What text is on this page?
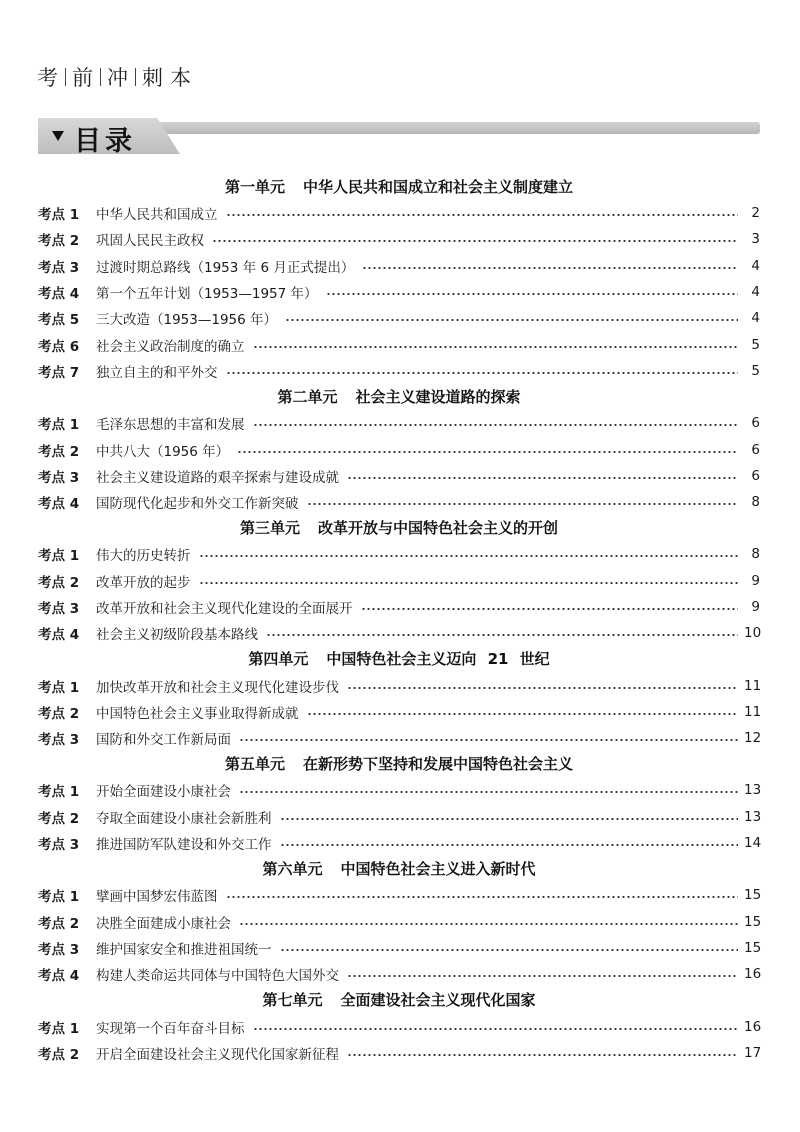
考 前 冲 刺 本
目录
第一单元 中华人民共和国成立和社会主义制度建立
考点 1	中华人民共和国成立	2
考点 2	巩固人民民主政权	3
考点 3	过渡时期总路线（1953 年 6 月正式提出）	4
考点 4	第一个五年计划（1953—1957 年）	4
考点 5	三大改造（1953—1956 年）	4
考点 6	社会主义政治制度的确立	5
考点 7	独立自主的和平外交	5
第二单元 社会主义建设道路的探索
考点 1	毛泽东思想的丰富和发展	6
考点 2	中共八大（1956 年）	6
考点 3	社会主义建设道路的艰辛探索与建设成就	6
考点 4	国防现代化起步和外交工作新突破	8
第三单元 改革开放与中国特色社会主义的开创
考点 1	伟大的历史转折	8
考点 2	改革开放的起步	9
考点 3	改革开放和社会主义现代化建设的全面展开	9
考点 4	社会主义初级阶段基本路线	10
第四单元 中国特色社会主义迈向 21 世纪
考点 1	加快改革开放和社会主义现代化建设步伐	11
考点 2	中国特色社会主义事业取得新成就	11
考点 3	国防和外交工作新局面	12
第五单元 在新形势下坚持和发展中国特色社会主义
考点 1	开始全面建设小康社会	13
考点 2	夺取全面建设小康社会新胜利	13
考点 3	推进国防军队建设和外交工作	14
第六单元 中国特色社会主义进入新时代
考点 1	擘画中国梦宏伟蓝图	15
考点 2	决胜全面建成小康社会	15
考点 3	维护国家安全和推进祖国统一	15
考点 4	构建人类命运共同体与中国特色大国外交	16
第七单元 全面建设社会主义现代化国家
考点 1	实现第一个百年奋斗目标	16
考点 2	开启全面建设社会主义现代化国家新征程	17
